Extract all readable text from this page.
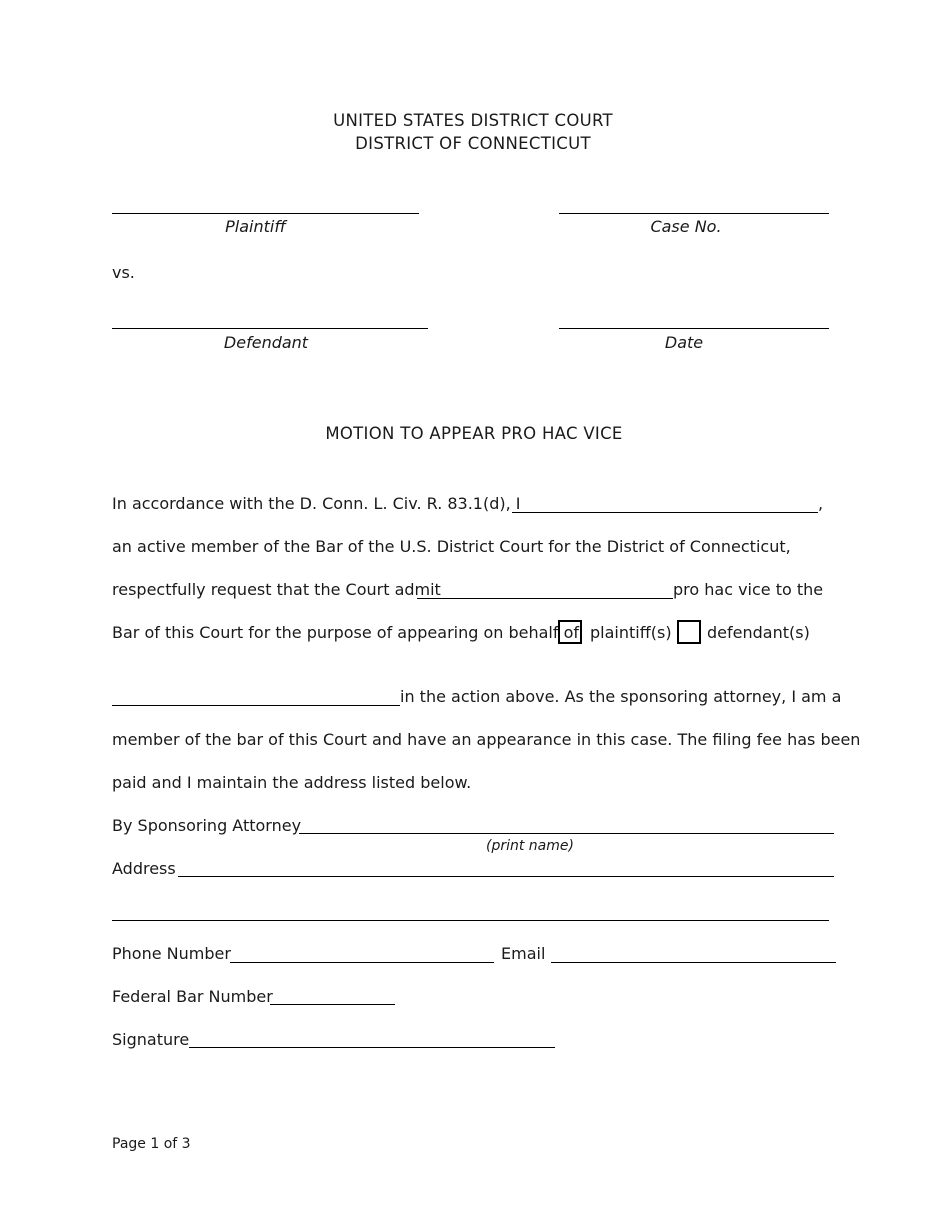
UNITED STATES DISTRICT COURT
DISTRICT OF CONNECTICUT
Plaintiff	Case No.
vs.
Defendant	Date
MOTION TO APPEAR PRO HAC VICE
In accordance with the D. Conn. L. Civ. R. 83.1(d), I	,
an active member of the Bar of the U.S. District Court for the District of Connecticut,
respectfully request that the Court admit	pro hac vice to the
Bar of this Court for the purpose of appearing on behalf of plaintiff(s) defendant(s)
in the action above. As the sponsoring attorney, I am a
member of the bar of this Court and have an appearance in this case. The filing fee has been
paid and I maintain the address listed below.
By Sponsoring Attorney
(print name)
Address
Phone Number	Email
Federal Bar Number
Signature
Page 1 of 3
